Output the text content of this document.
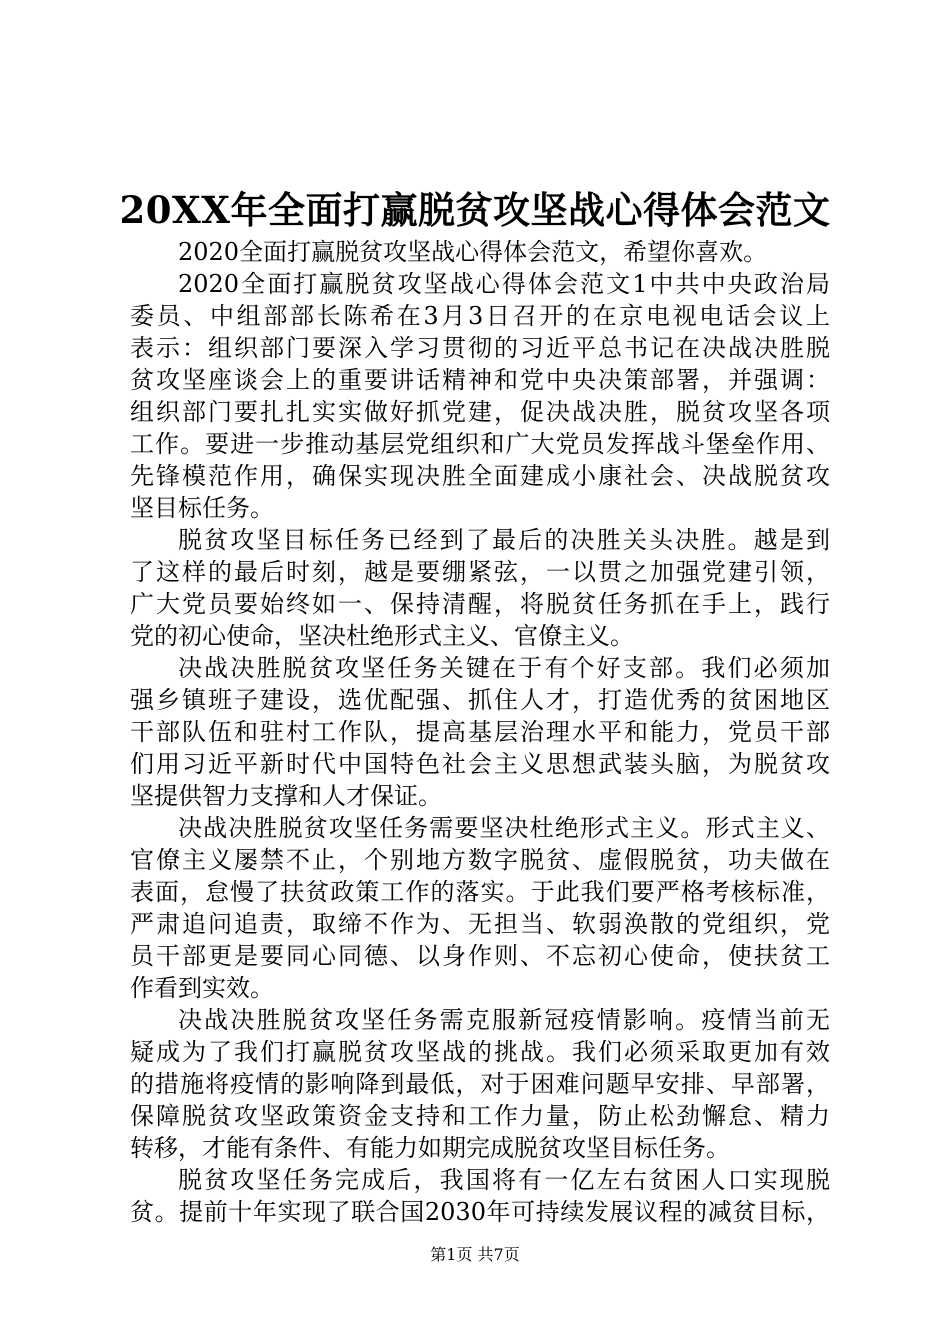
20XX年全面打赢脱贫攻坚战心得体会范文
2020全面打赢脱贫攻坚战心得体会范文，希望你喜欢。
2020全面打赢脱贫攻坚战心得体会范文1中共中央政治局
委员、中组部部长陈希在3月3日召开的在京电视电话会议上
表示：组织部门要深入学习贯彻的习近平总书记在决战决胜脱
贫攻坚座谈会上的重要讲话精神和党中央决策部署，并强调：
组织部门要扎扎实实做好抓党建，促决战决胜，脱贫攻坚各项
工作。要进一步推动基层党组织和广大党员发挥战斗堡垒作用、
先锋模范作用，确保实现决胜全面建成小康社会、决战脱贫攻
坚目标任务。
脱贫攻坚目标任务已经到了最后的决胜关头决胜。越是到
了这样的最后时刻，越是要绷紧弦，一以贯之加强党建引领，
广大党员要始终如一、保持清醒，将脱贫任务抓在手上，践行
党的初心使命，坚决杜绝形式主义、官僚主义。
决战决胜脱贫攻坚任务关键在于有个好支部。我们必须加
强乡镇班子建设，选优配强、抓住人才，打造优秀的贫困地区
干部队伍和驻村工作队，提高基层治理水平和能力，党员干部
们用习近平新时代中国特色社会主义思想武装头脑，为脱贫攻
坚提供智力支撑和人才保证。
决战决胜脱贫攻坚任务需要坚决杜绝形式主义。形式主义、
官僚主义屡禁不止，个别地方数字脱贫、虚假脱贫，功夫做在
表面，怠慢了扶贫政策工作的落实。于此我们要严格考核标准，
严肃追问追责，取缔不作为、无担当、软弱涣散的党组织，党
员干部更是要同心同德、以身作则、不忘初心使命，使扶贫工
作看到实效。
决战决胜脱贫攻坚任务需克服新冠疫情影响。疫情当前无
疑成为了我们打赢脱贫攻坚战的挑战。我们必须采取更加有效
的措施将疫情的影响降到最低，对于困难问题早安排、早部署，
保障脱贫攻坚政策资金支持和工作力量，防止松劲懈怠、精力
转移，才能有条件、有能力如期完成脱贫攻坚目标任务。
脱贫攻坚任务完成后，我国将有一亿左右贫困人口实现脱
贫。提前十年实现了联合国2030年可持续发展议程的减贫目标，
第1页 共7页
